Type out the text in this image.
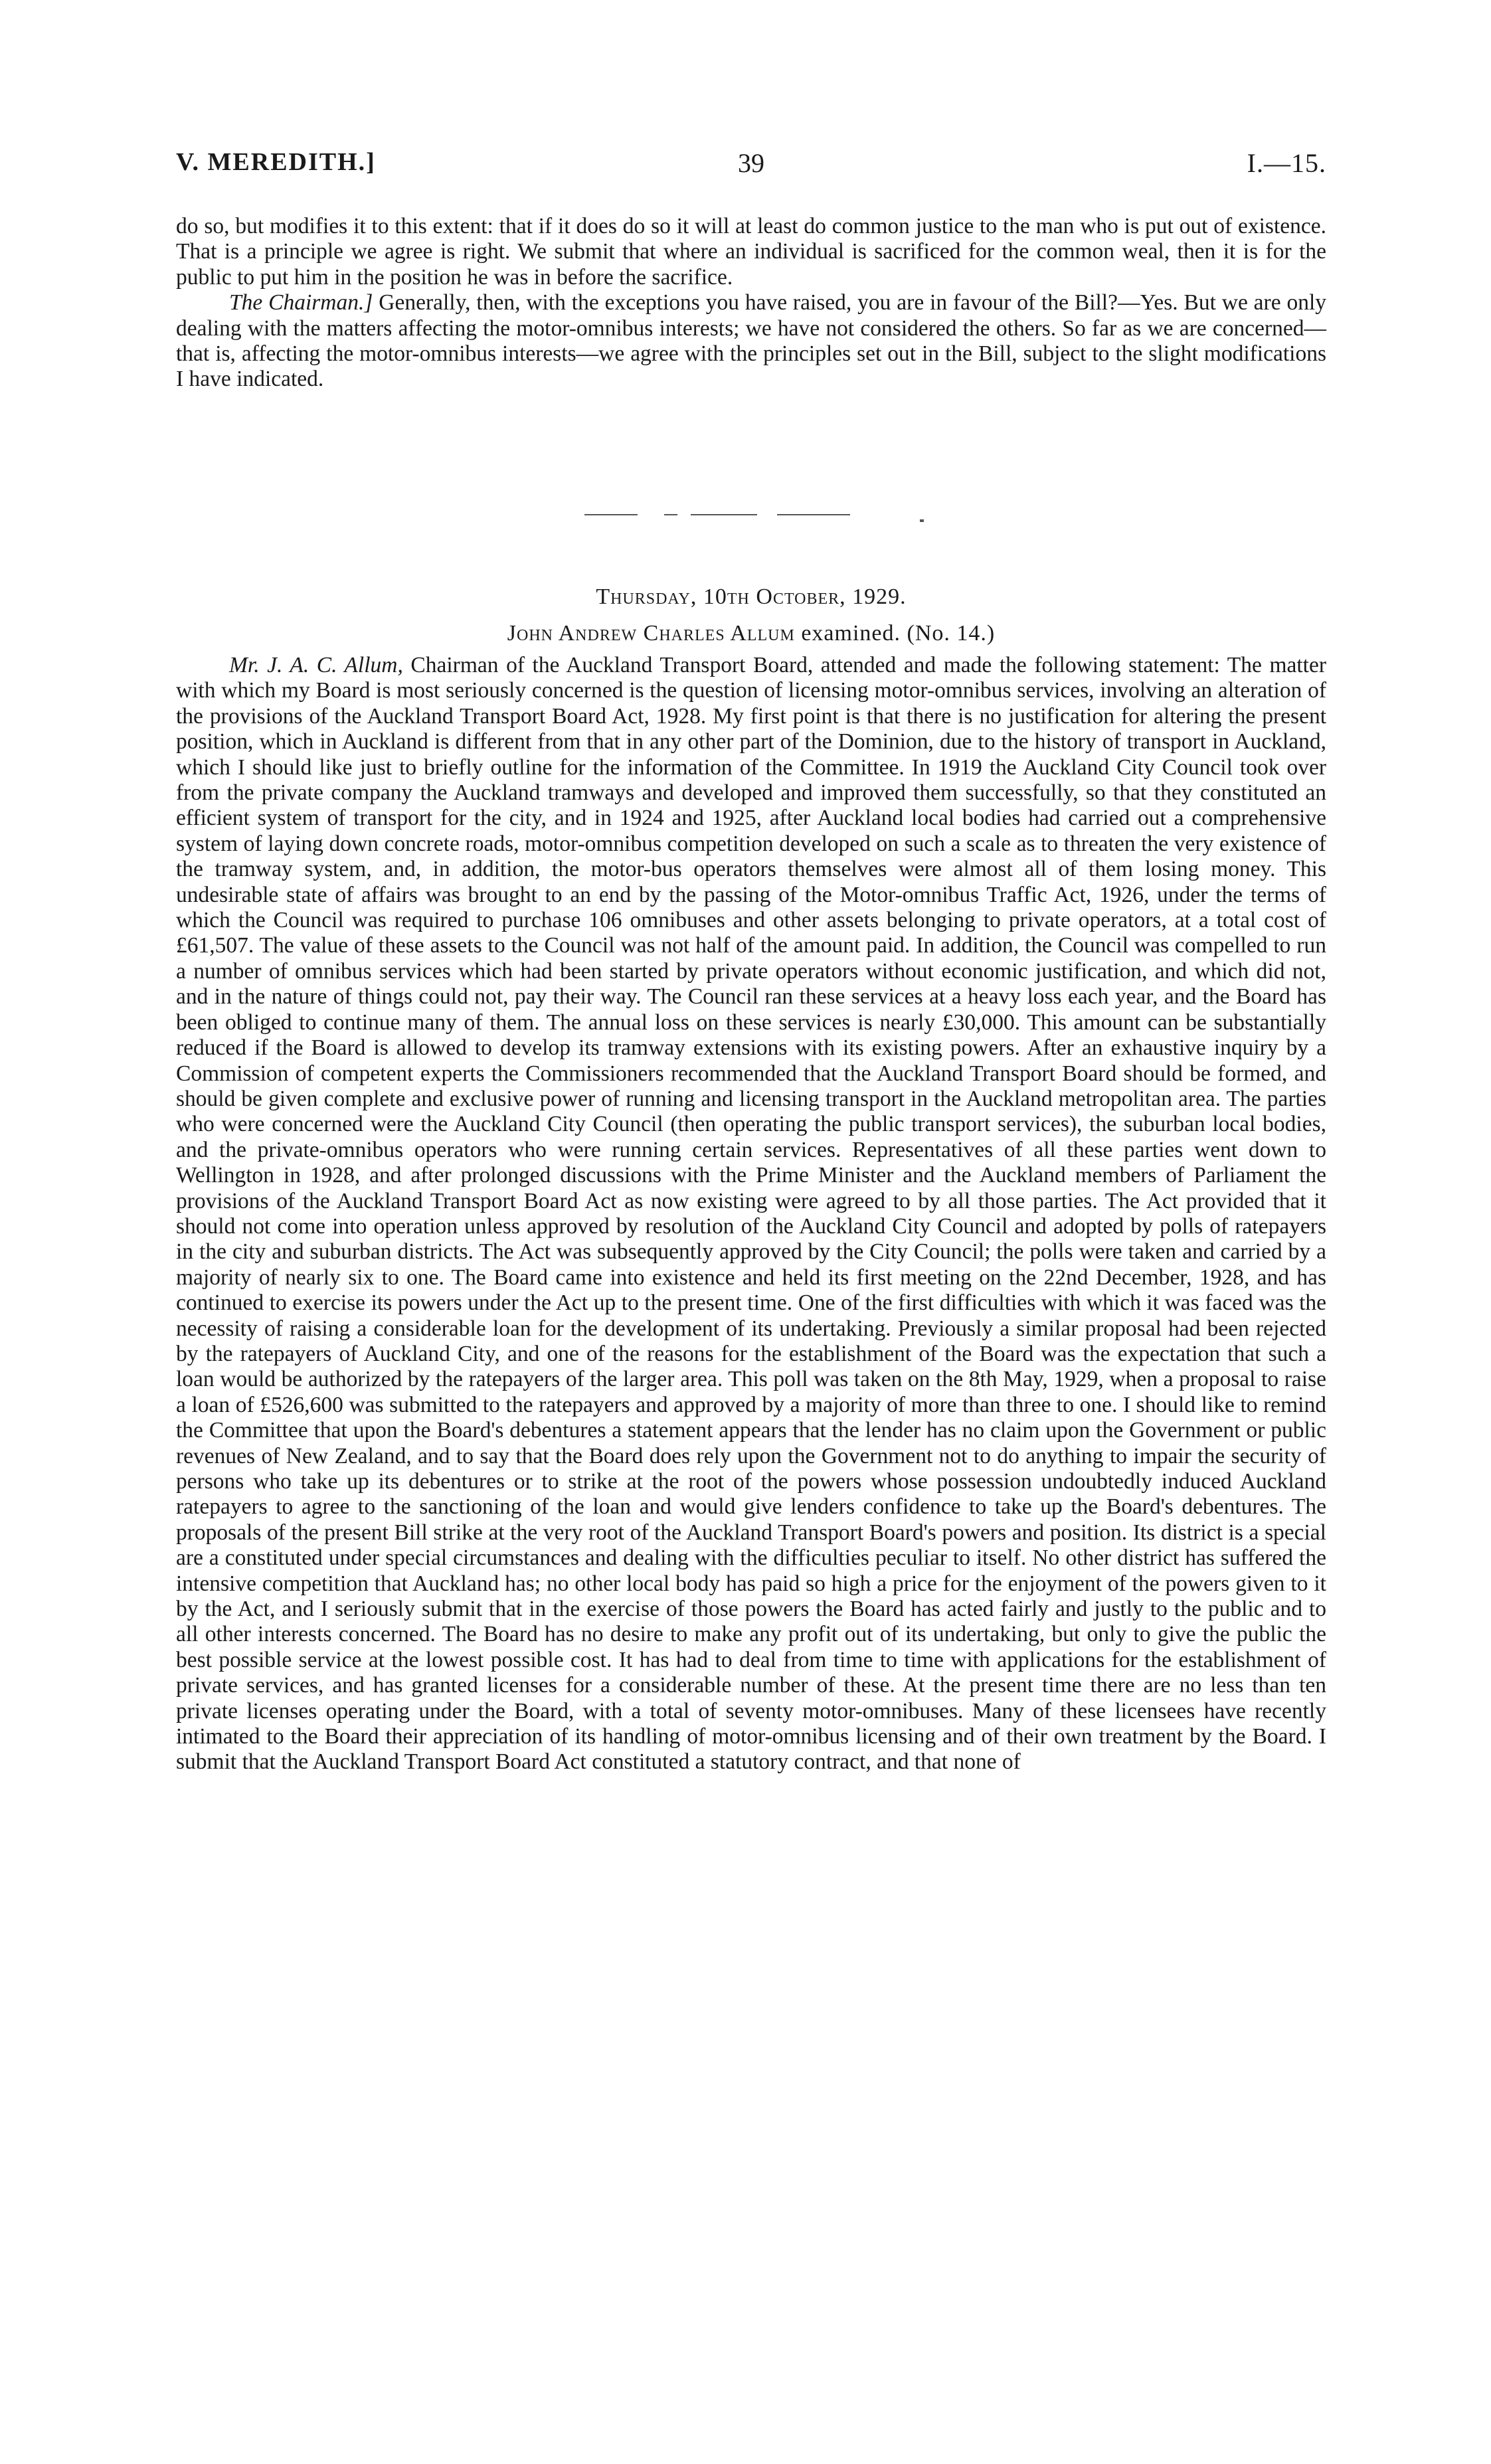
V. MEREDITH.]	39	I.—15.

do so, but modifies it to this extent: that if it does do so it will at least do common justice to the man who is put out of existence. That is a principle we agree is right. We submit that where an individual is sacrificed for the common weal, then it is for the public to put him in the position he was in before the sacrifice.

The Chairman.] Generally, then, with the exceptions you have raised, you are in favour of the Bill?—Yes. But we are only dealing with the matters affecting the motor-omnibus interests; we have not considered the others. So far as we are concerned—that is, affecting the motor-omnibus interests—we agree with the principles set out in the Bill, subject to the slight modifications I have indicated.

Thursday, 10th October, 1929.
John Andrew Charles Allum examined. (No. 14.)

Mr. J. A. C. Allum, Chairman of the Auckland Transport Board, attended and made the following statement: The matter with which my Board is most seriously concerned is the question of licensing motor-omnibus services, involving an alteration of the provisions of the Auckland Transport Board Act, 1928. My first point is that there is no justification for altering the present position, which in Auckland is different from that in any other part of the Dominion, due to the history of transport in Auckland, which I should like just to briefly outline for the information of the Committee. In 1919 the Auckland City Council took over from the private company the Auckland tramways and developed and improved them successfully, so that they constituted an efficient system of transport for the city, and in 1924 and 1925, after Auckland local bodies had carried out a comprehensive system of laying down concrete roads, motor-omnibus competition developed on such a scale as to threaten the very existence of the tramway system, and, in addition, the motor-bus operators themselves were almost all of them losing money. This undesirable state of affairs was brought to an end by the passing of the Motor-omnibus Traffic Act, 1926, under the terms of which the Council was required to purchase 106 omnibuses and other assets belonging to private operators, at a total cost of £61,507. The value of these assets to the Council was not half of the amount paid. In addition, the Council was compelled to run a number of omnibus services which had been started by private operators without economic justification, and which did not, and in the nature of things could not, pay their way. The Council ran these services at a heavy loss each year, and the Board has been obliged to continue many of them. The annual loss on these services is nearly £30,000. This amount can be substantially reduced if the Board is allowed to develop its tramway extensions with its existing powers. After an exhaustive inquiry by a Commission of competent experts the Commissioners recommended that the Auckland Transport Board should be formed, and should be given complete and exclusive power of running and licensing transport in the Auckland metropolitan area. The parties who were concerned were the Auckland City Council (then operating the public transport services), the suburban local bodies, and the private-omnibus operators who were running certain services. Representatives of all these parties went down to Wellington in 1928, and after prolonged discussions with the Prime Minister and the Auckland members of Parliament the provisions of the Auckland Transport Board Act as now existing were agreed to by all those parties. The Act provided that it should not come into operation unless approved by resolution of the Auckland City Council and adopted by polls of ratepayers in the city and suburban districts. The Act was subsequently approved by the City Council; the polls were taken and carried by a majority of nearly six to one. The Board came into existence and held its first meeting on the 22nd December, 1928, and has continued to exercise its powers under the Act up to the present time. One of the first difficulties with which it was faced was the necessity of raising a considerable loan for the development of its undertaking. Previously a similar proposal had been rejected by the ratepayers of Auckland City, and one of the reasons for the establishment of the Board was the expectation that such a loan would be authorized by the ratepayers of the larger area. This poll was taken on the 8th May, 1929, when a proposal to raise a loan of £526,600 was submitted to the ratepayers and approved by a majority of more than three to one. I should like to remind the Committee that upon the Board's debentures a statement appears that the lender has no claim upon the Government or public revenues of New Zealand, and to say that the Board does rely upon the Government not to do anything to impair the security of persons who take up its debentures or to strike at the root of the powers whose possession undoubtedly induced Auckland ratepayers to agree to the sanctioning of the loan and would give lenders confidence to take up the Board's debentures. The proposals of the present Bill strike at the very root of the Auckland Transport Board's powers and position. Its district is a special are a constituted under special circumstances and dealing with the difficulties peculiar to itself. No other district has suffered the intensive competition that Auckland has; no other local body has paid so high a price for the enjoyment of the powers given to it by the Act, and I seriously submit that in the exercise of those powers the Board has acted fairly and justly to the public and to all other interests concerned. The Board has no desire to make any profit out of its undertaking, but only to give the public the best possible service at the lowest possible cost. It has had to deal from time to time with applications for the establishment of private services, and has granted licenses for a considerable number of these. At the present time there are no less than ten private licenses operating under the Board, with a total of seventy motor-omnibuses. Many of these licensees have recently intimated to the Board their appreciation of its handling of motor-omnibus licensing and of their own treatment by the Board. I submit that the Auckland Transport Board Act constituted a statutory contract, and that none of
